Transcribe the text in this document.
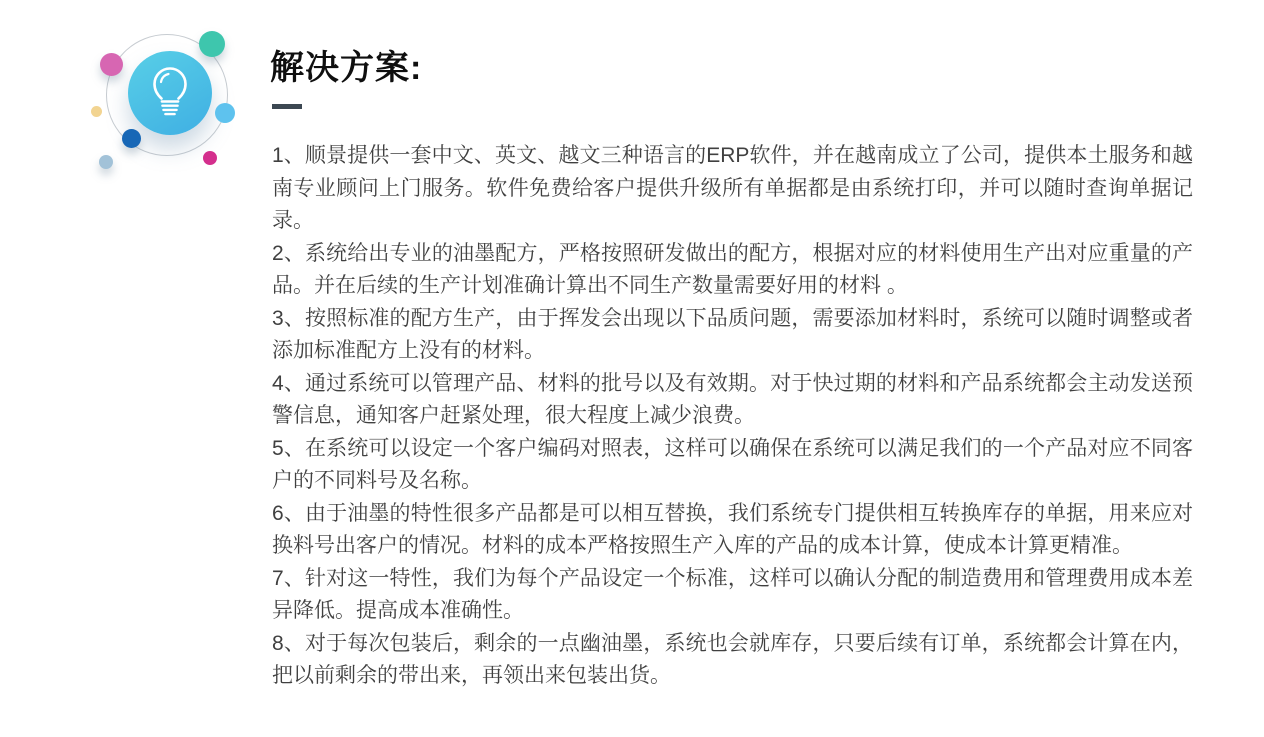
解决方案:

1、顺景提供一套中文、英文、越文三种语言的ERP软件，并在越南成立了公司，提供本土服务和越南专业顾问上门服务。软件免费给客户提供升级所有单据都是由系统打印，并可以随时查询单据记录。

2、系统给出专业的油墨配方，严格按照研发做出的配方，根据对应的材料使用生产出对应重量的产品。并在后续的生产计划准确计算出不同生产数量需要好用的材料 。

3、按照标准的配方生产，由于挥发会出现以下品质问题，需要添加材料时，系统可以随时调整或者添加标准配方上没有的材料。

4、通过系统可以管理产品、材料的批号以及有效期。对于快过期的材料和产品系统都会主动发送预警信息，通知客户赶紧处理，很大程度上减少浪费。

5、在系统可以设定一个客户编码对照表，这样可以确保在系统可以满足我们的一个产品对应不同客户的不同料号及名称。

6、由于油墨的特性很多产品都是可以相互替换，我们系统专门提供相互转换库存的单据，用来应对换料号出客户的情况。材料的成本严格按照生产入库的产品的成本计算，使成本计算更精准。

7、针对这一特性，我们为每个产品设定一个标准，这样可以确认分配的制造费用和管理费用成本差异降低。提高成本准确性。

8、对于每次包装后，剩余的一点幽油墨，系统也会就库存，只要后续有订单，系统都会计算在内，把以前剩余的带出来，再领出来包装出货。
